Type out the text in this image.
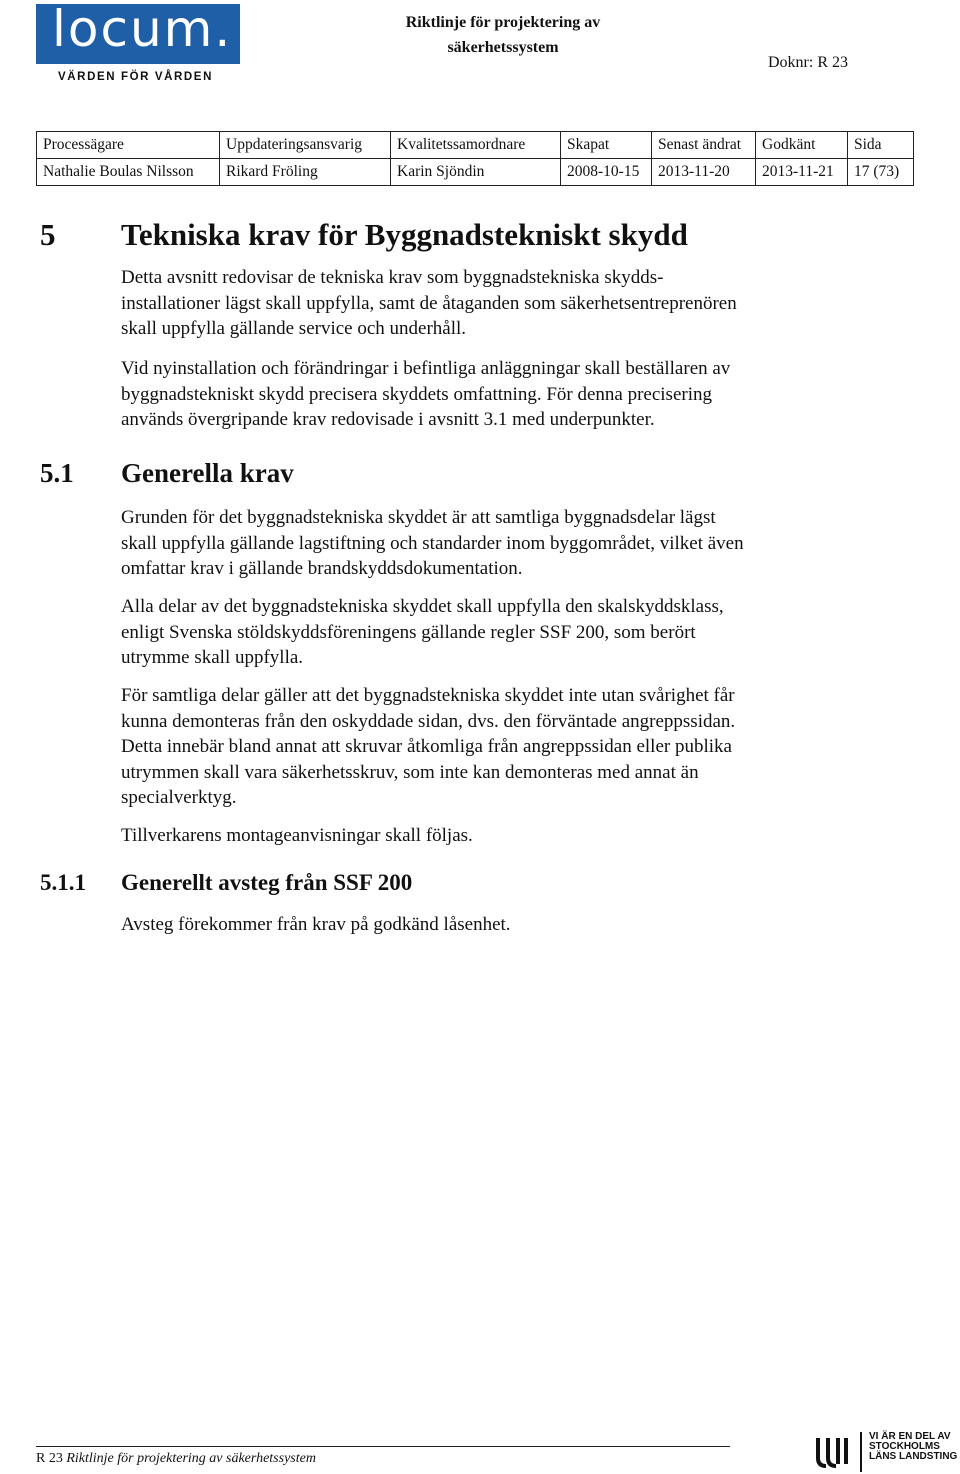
locum.
VÄRDEN FÖR VÅRDEN
Riktlinje för projektering av
säkerhetssystem
Doknr: R 23
Processägare	Uppdateringsansvarig	Kvalitetssamordnare	Skapat	Senast ändrat	Godkänt	Sida
Nathalie Boulas Nilsson	Rikard Fröling	Karin Sjöndin	2008-10-15	2013-11-20	2013-11-21	17 (73)
5 Tekniska krav för Byggnadstekniskt skydd

Detta avsnitt redovisar de tekniska krav som byggnadstekniska skydds-
installationer lägst skall uppfylla, samt de åtaganden som säkerhetsentreprenören
skall uppfylla gällande service och underhåll.

Vid nyinstallation och förändringar i befintliga anläggningar skall beställaren av
byggnadstekniskt skydd precisera skyddets omfattning. För denna precisering
används övergripande krav redovisade i avsnitt 3.1 med underpunkter.

5.1 Generella krav

Grunden för det byggnadstekniska skyddet är att samtliga byggnadsdelar lägst
skall uppfylla gällande lagstiftning och standarder inom byggområdet, vilket även
omfattar krav i gällande brandskyddsdokumentation.

Alla delar av det byggnadstekniska skyddet skall uppfylla den skalskyddsklass,
enligt Svenska stöldskyddsföreningens gällande regler SSF 200, som berört
utrymme skall uppfylla.

För samtliga delar gäller att det byggnadstekniska skyddet inte utan svårighet får
kunna demonteras från den oskyddade sidan, dvs. den förväntade angreppssidan.
Detta innebär bland annat att skruvar åtkomliga från angreppssidan eller publika
utrymmen skall vara säkerhetsskruv, som inte kan demonteras med annat än
specialverktyg.

Tillverkarens montageanvisningar skall följas.

5.1.1 Generellt avsteg från SSF 200

Avsteg förekommer från krav på godkänd låsenhet.

R 23 Riktlinje för projektering av säkerhetssystem
VI ÄR EN DEL AV
STOCKHOLMS
LÄNS LANDSTING
